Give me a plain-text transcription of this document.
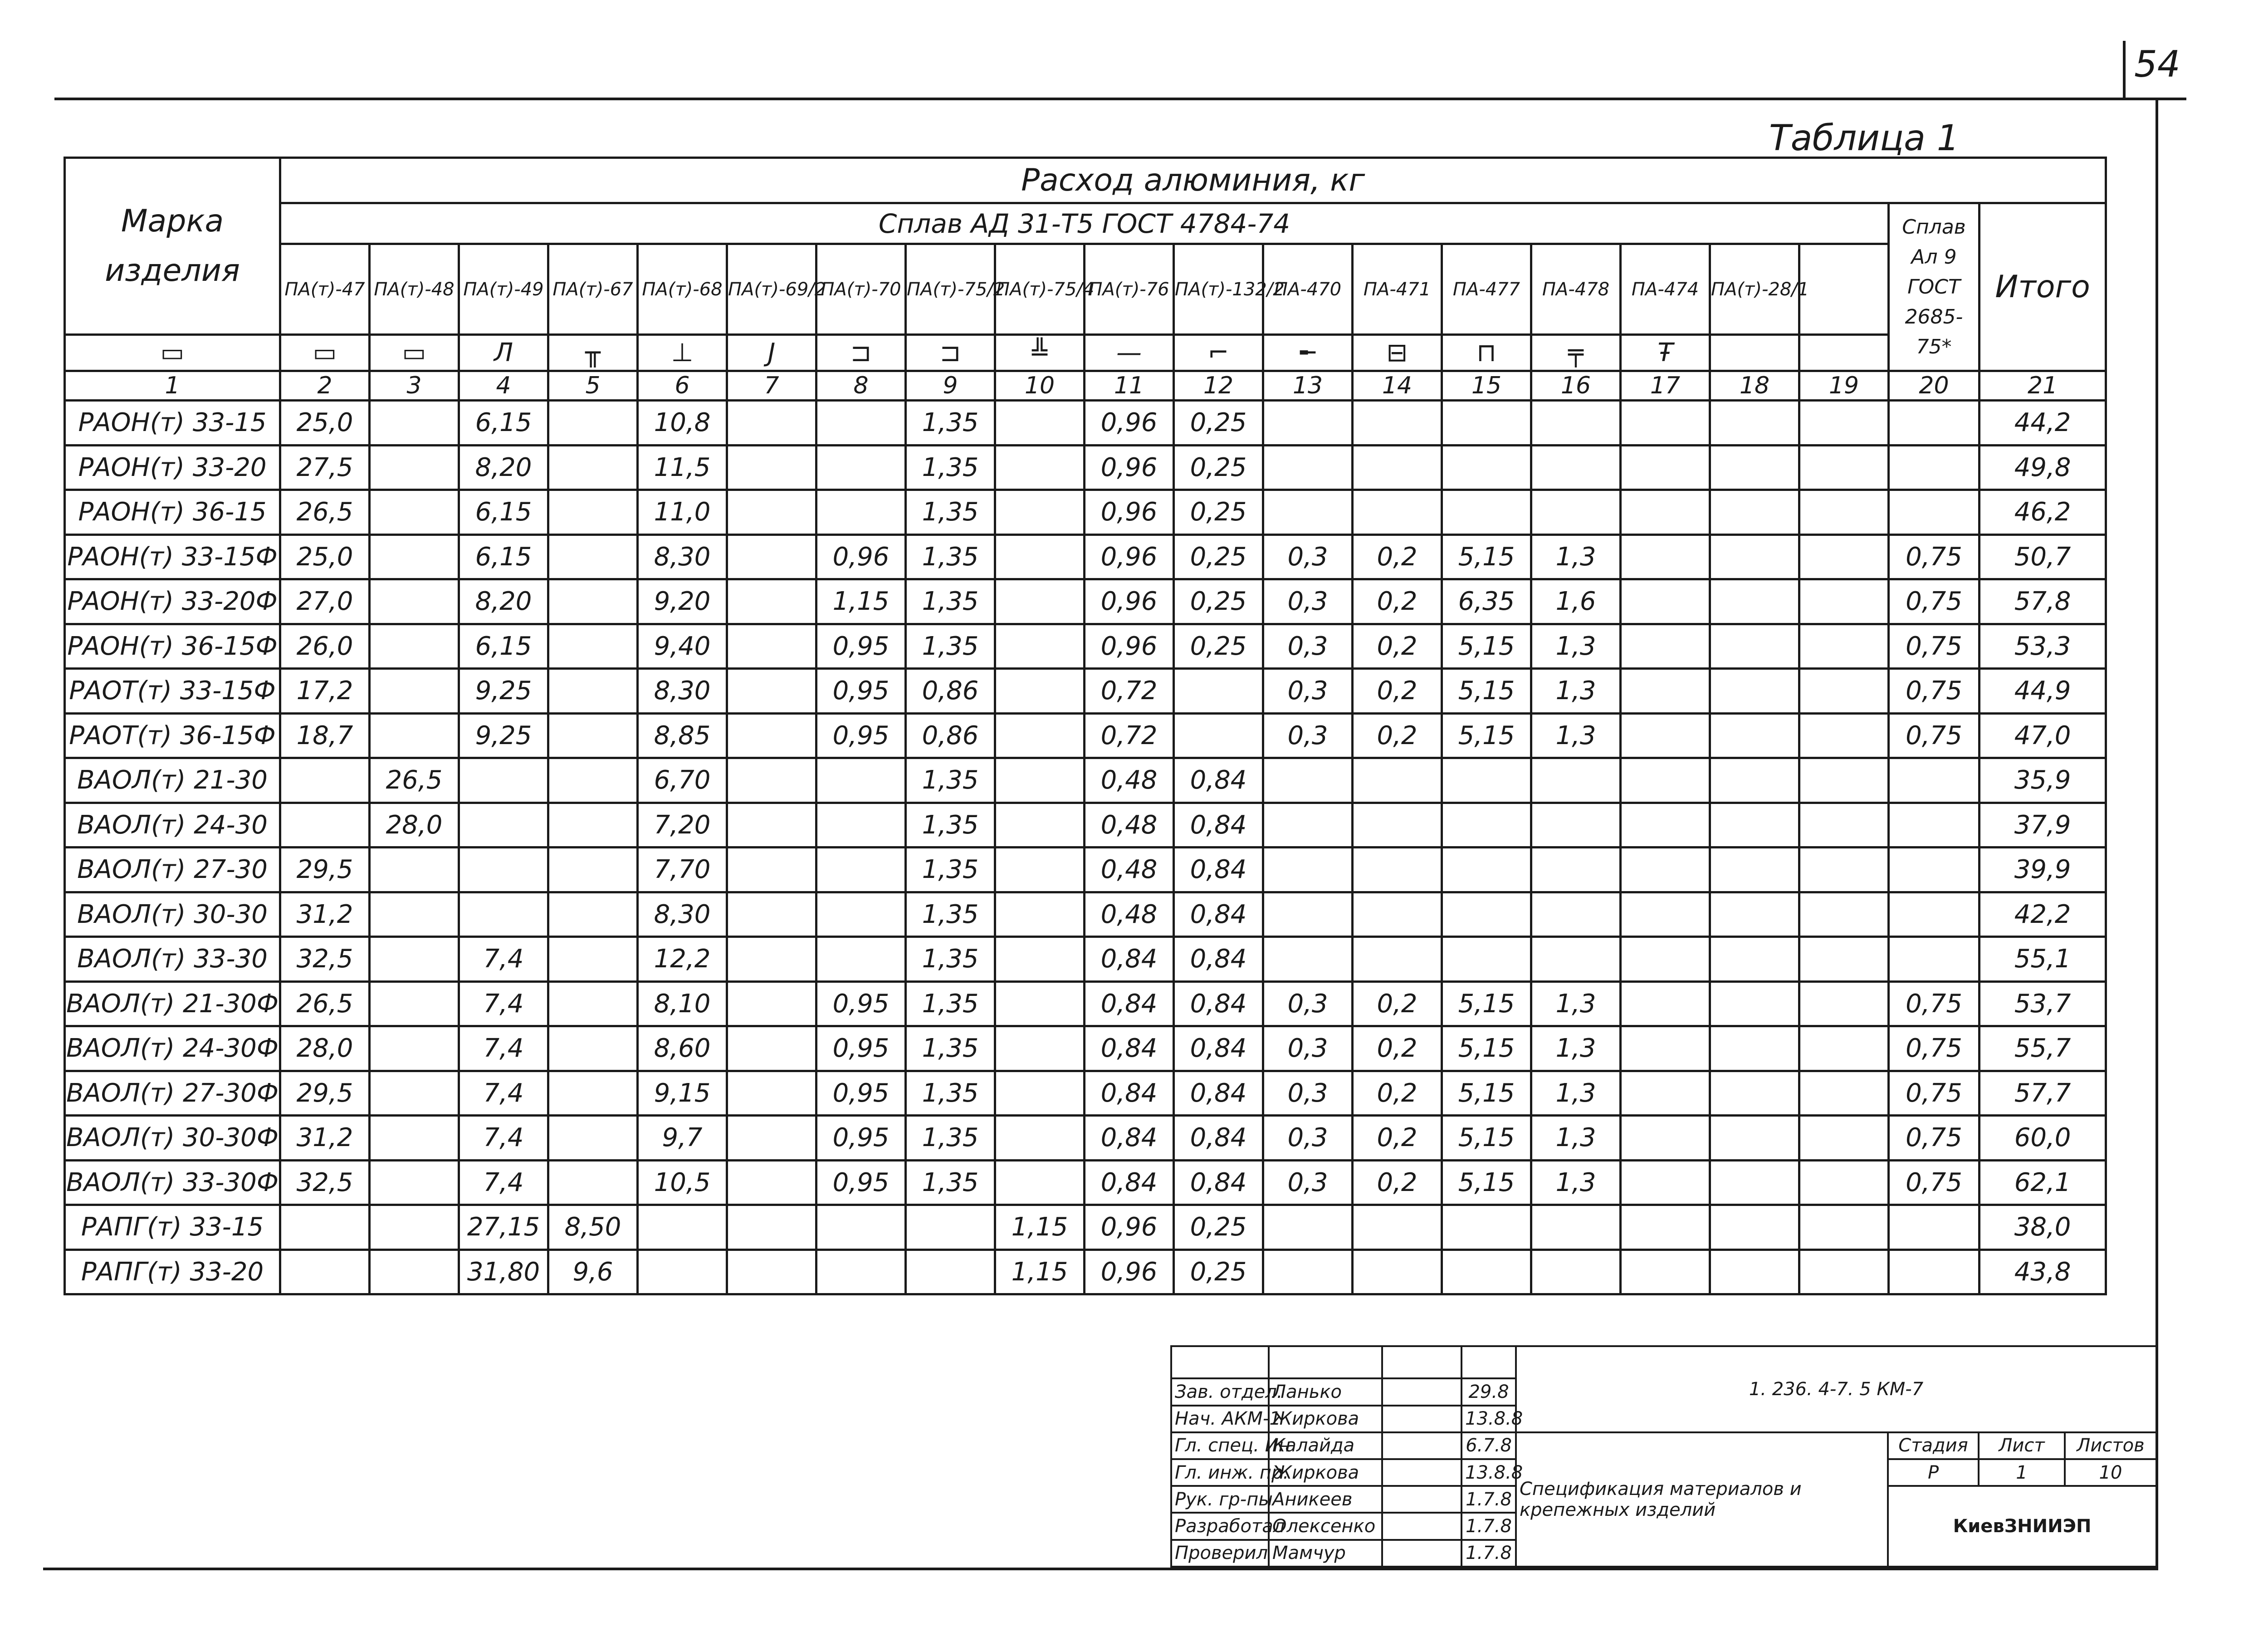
54
Таблица 1
Марка изделия	Расход алюминия, кг																			
	Сплав АД 31-Т5 ГОСТ 4784-74																		Сплав Ал 9 ГОСТ 2685-75*	Итого
	ПА(т)-47	ПА(т)-48	ПА(т)-49	ПА(т)-67	ПА(т)-68	ПА(т)-69/2	ПА(т)-70	ПА(т)-75/2	ПА(т)-75/4	ПА(т)-76	ПА(т)-132/2	ПА-470	ПА-471	ПА-477	ПА-478	ПА-474	ПА(т)-28/1			
▭	▭	▭	Л	╥	⊥	Ј	⊐	⊐	╩	—	⌐	╾	⊟	⊓	╤	Ŧ				
1	2	3	4	5	6	7	8	9	10	11	12	13	14	15	16	17	18	19	20	21
РАОН(т) 33-15	25,0		6,15		10,8			1,35		0,96	0,25									44,2
РАОН(т) 33-20	27,5		8,20		11,5			1,35		0,96	0,25									49,8
РАОН(т) 36-15	26,5		6,15		11,0			1,35		0,96	0,25									46,2
РАОН(т) 33-15Ф	25,0		6,15		8,30		0,96	1,35		0,96	0,25	0,3	0,2	5,15	1,3				0,75	50,7
РАОН(т) 33-20Ф	27,0		8,20		9,20		1,15	1,35		0,96	0,25	0,3	0,2	6,35	1,6				0,75	57,8
РАОН(т) 36-15Ф	26,0		6,15		9,40		0,95	1,35		0,96	0,25	0,3	0,2	5,15	1,3				0,75	53,3
РАОТ(т) 33-15Ф	17,2		9,25		8,30		0,95	0,86		0,72		0,3	0,2	5,15	1,3				0,75	44,9
РАОТ(т) 36-15Ф	18,7		9,25		8,85		0,95	0,86		0,72		0,3	0,2	5,15	1,3				0,75	47,0
ВАОЛ(т) 21-30		26,5			6,70			1,35		0,48	0,84									35,9
ВАОЛ(т) 24-30		28,0			7,20			1,35		0,48	0,84									37,9
ВАОЛ(т) 27-30	29,5				7,70			1,35		0,48	0,84									39,9
ВАОЛ(т) 30-30	31,2				8,30			1,35		0,48	0,84									42,2
ВАОЛ(т) 33-30	32,5		7,4		12,2			1,35		0,84	0,84									55,1
ВАОЛ(т) 21-30Ф	26,5		7,4		8,10		0,95	1,35		0,84	0,84	0,3	0,2	5,15	1,3				0,75	53,7
ВАОЛ(т) 24-30Ф	28,0		7,4		8,60		0,95	1,35		0,84	0,84	0,3	0,2	5,15	1,3				0,75	55,7
ВАОЛ(т) 27-30Ф	29,5		7,4		9,15		0,95	1,35		0,84	0,84	0,3	0,2	5,15	1,3				0,75	57,7
ВАОЛ(т) 30-30Ф	31,2		7,4		9,7		0,95	1,35		0,84	0,84	0,3	0,2	5,15	1,3				0,75	60,0
ВАОЛ(т) 33-30Ф	32,5		7,4		10,5		0,95	1,35		0,84	0,84	0,3	0,2	5,15	1,3				0,75	62,1
РАПГ(т) 33-15			27,15	8,50					1,15	0,96	0,25									38,0
РАПГ(т) 33-20			31,80	9,6					1,15	0,96	0,25									43,8
				1. 236. 4-7. 5 КМ-7			
Зав. отдел.	Ланько		29.8				
Нач. АКМ-1	Жиркова		13.8.8				
Гл. спец. Ин	Калайда		6.7.8	Спецификация материалов и крепежных изделий	Стадия	Лист	Листов
Гл. инж. пр.	Жиркова		13.8.8		Р	1	10
Рук. гр-пы	Аникеев		1.7.8		КиевЗНИИЭП		
Разработал	Олексенко		1.7.8				
Проверил	Мамчур		1.7.8				
